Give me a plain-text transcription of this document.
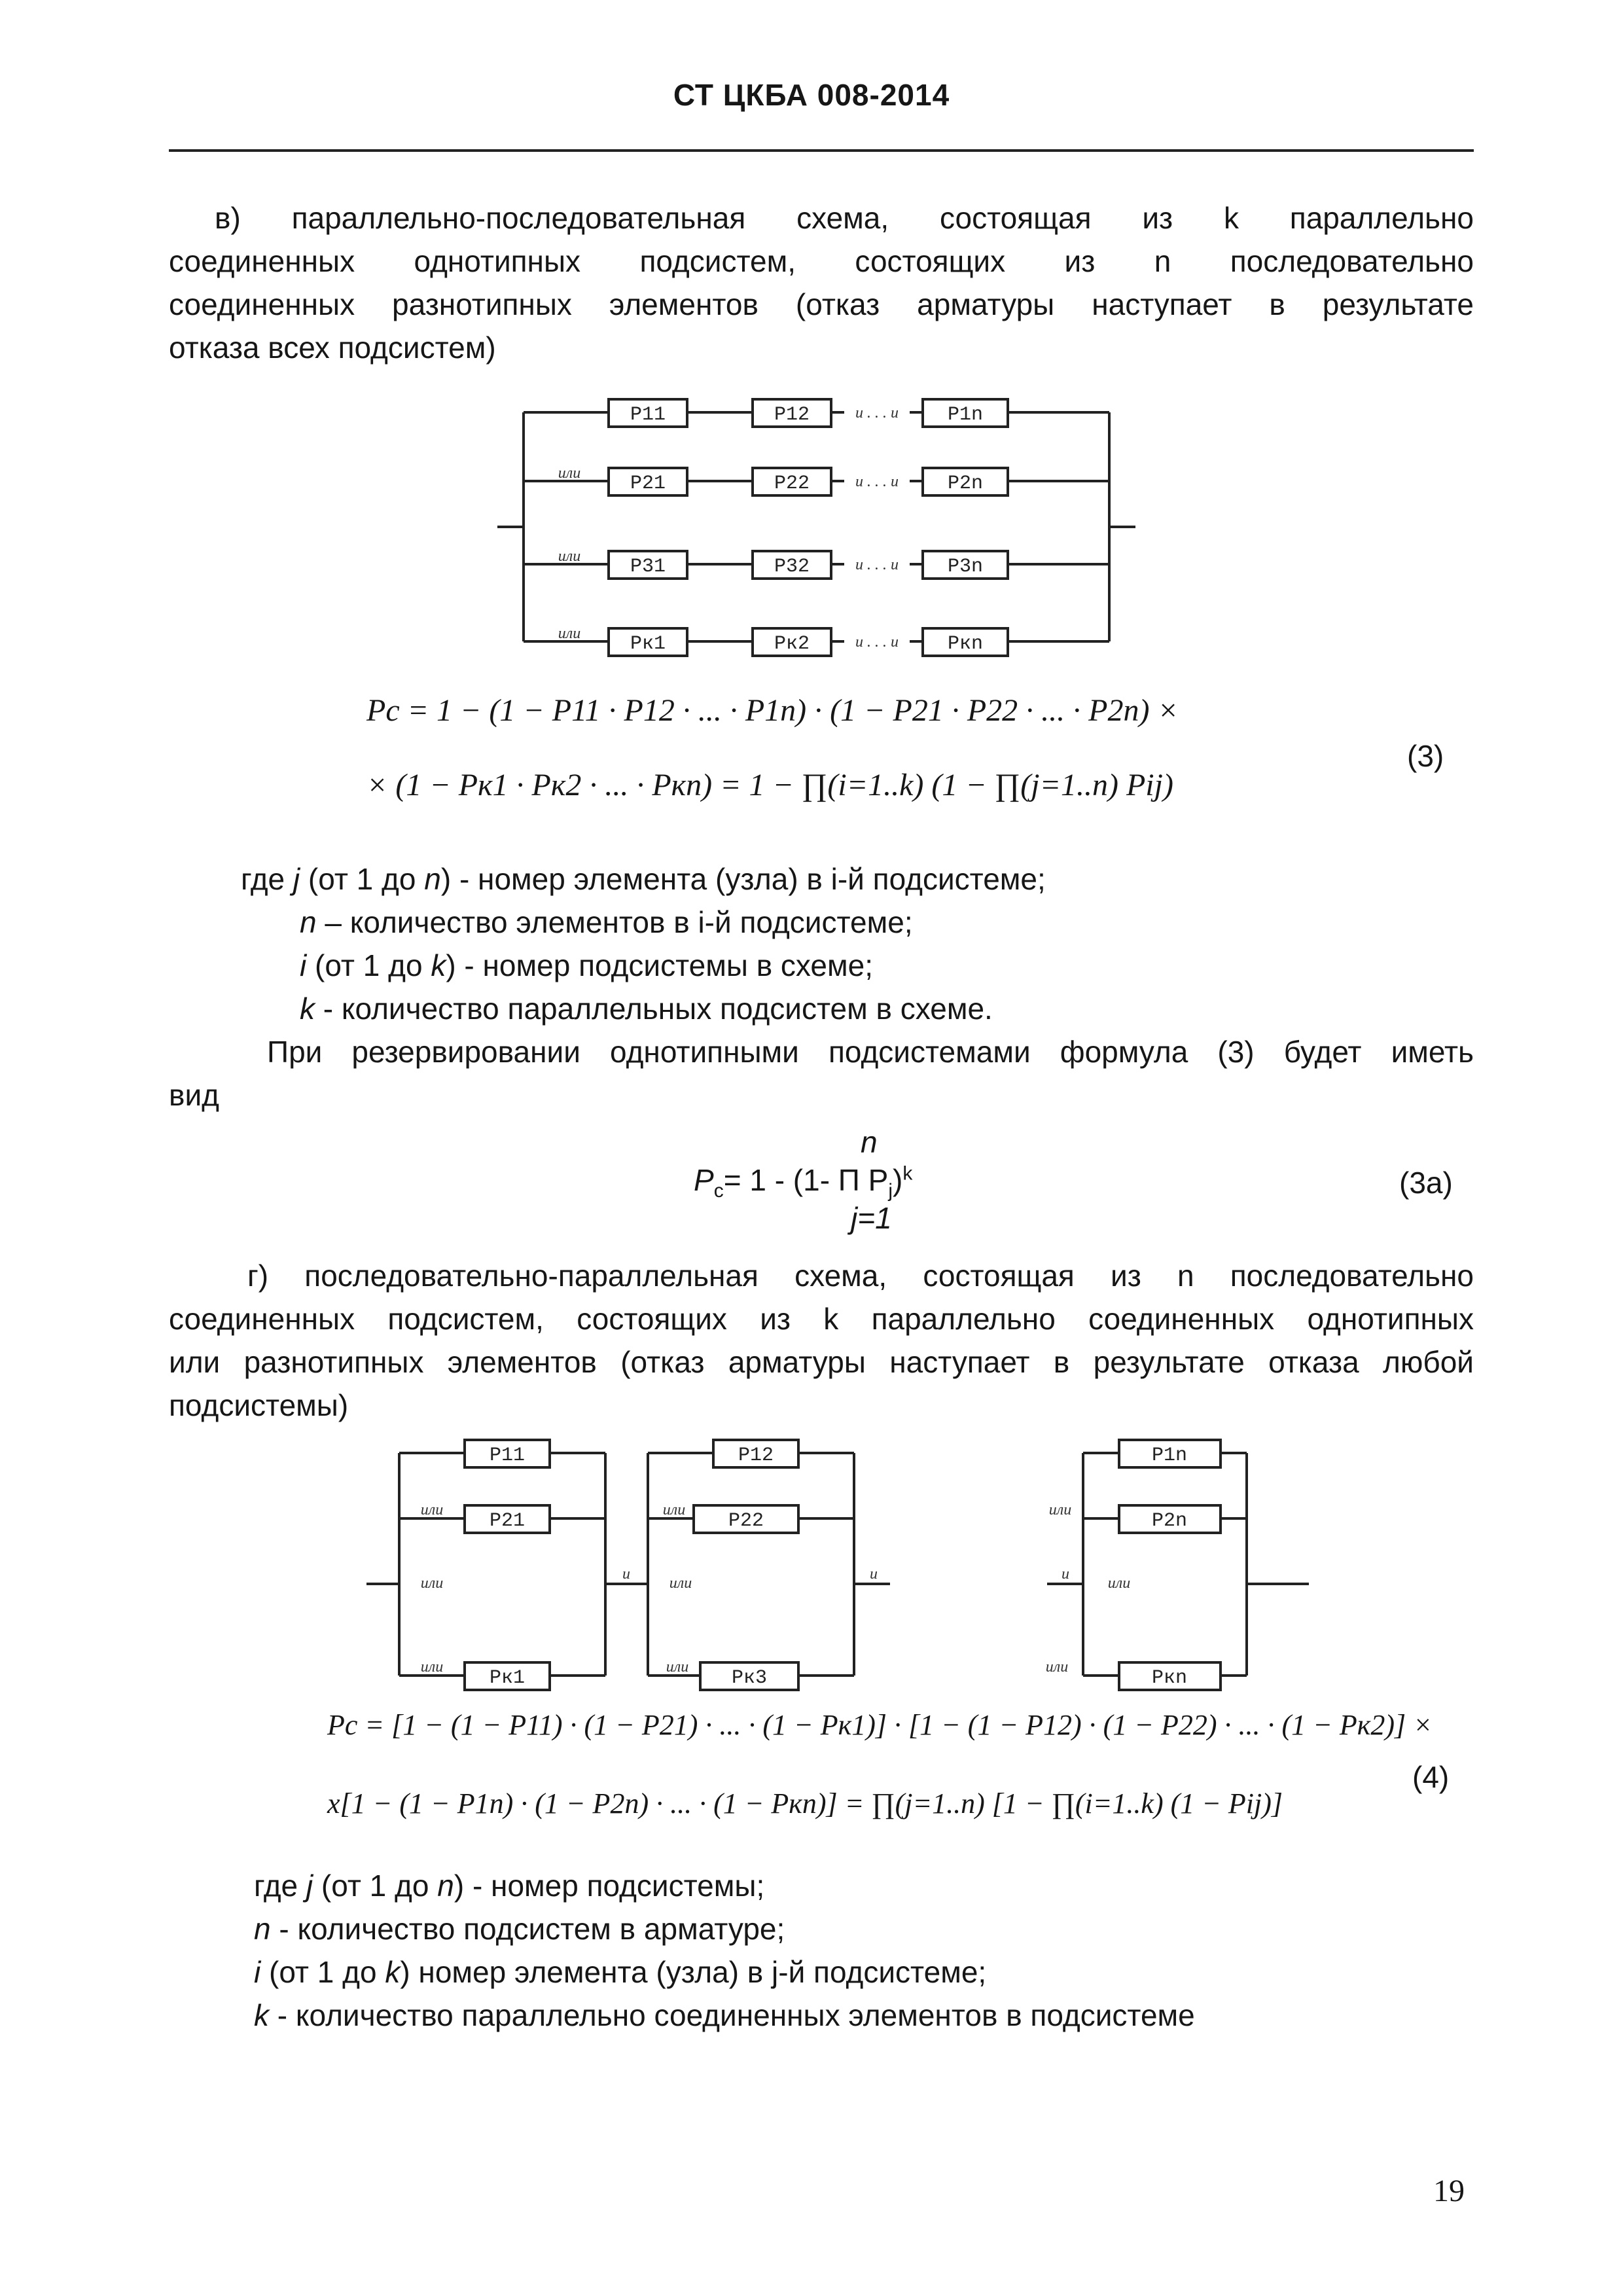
СТ ЦКБА 008-2014
в) параллельно-последовательная схема, состоящая из k параллельно
соединенных однотипных подсистем, состоящих из n последовательно
соединенных разнотипных элементов (отказ арматуры наступает в результате
отказа всех подсистем)
P11	P12	и . . . и P1n
или	P21	P22	и . . . и P2n
или	P31	P32	и . . . и P3n
или	Pк1	Pк2	и . . . и Pкn
Pс = 1 − (1 − P11 · P12 · ... · P1n) · (1 − P21 · P22 · ... · P2n) ×
× (1 − Pк1 · Pк2 · ... · Pкn) = 1 − ∏(i=1..k) (1 − ∏(j=1..n) Pij)
(3)
где j (от 1 до n) - номер элемента (узла) в i-й подсистеме;
n – количество элементов в i-й подсистеме;
i (от 1 до k) - номер подсистемы в схеме;
k - количество параллельных подсистем в схеме.
При резервировании однотипными подсистемами формула (3) будет иметь
вид
n
$P_c= 1 - (1-$ П $P_j)^k$
j=1
(3а)
г) последовательно-параллельная схема, состоящая из n последовательно
соединенных подсистем, состоящих из k параллельно соединенных однотипных
или разнотипных элементов (отказ арматуры наступает в результате отказа любой
подсистемы)
P11
или P21
или
или Pк1
и
P12
или P22
или
или Pк3
и	и
P1n
или	P2n
или
или	Pкn
Pс = [1 − (1 − P11) · (1 − P21) · ... · (1 − Pк1)] · [1 − (1 − P12) · (1 − P22) · ... · (1 − Pк2)] ×
x[1 − (1 − P1n) · (1 − P2n) · ... · (1 − Pкn)] = ∏(j=1..n) [1 − ∏(i=1..k) (1 − Pij)]
(4)
где j (от 1 до n) - номер подсистемы;
n - количество подсистем в арматуре;
i (от 1 до k) номер элемента (узла) в j-й подсистеме;
k - количество параллельно соединенных элементов в подсистеме
19
